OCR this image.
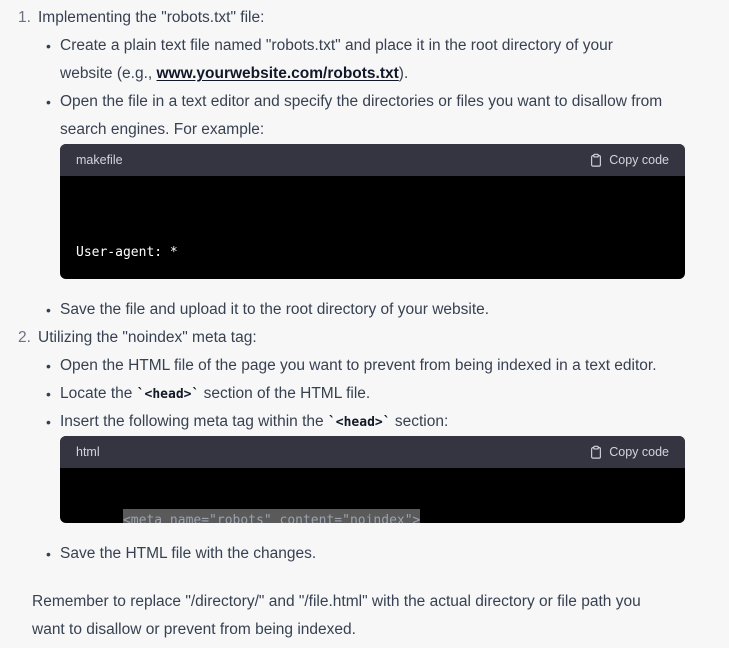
1. Implementing the "robots.txt" file:
• Create a plain text file named "robots.txt" and place it in the root directory of your
website (e.g., www.yourwebsite.com/robots.txt).
• Open the file in a text editor and specify the directories or files you want to disallow from
search engines. For example:
makefile	Copy code

User-agent: *

• Save the file and upload it to the root directory of your website.
2. Utilizing the "noindex" meta tag:
• Open the HTML file of the page you want to prevent from being indexed in a text editor.
• Locate the `<head>` section of the HTML file.
• Insert the following meta tag within the `<head>` section:
html	Copy code

<meta name="robots" content="noindex">

• Save the HTML file with the changes.
Remember to replace "/directory/" and "/file.html" with the actual directory or file path you
want to disallow or prevent from being indexed.
